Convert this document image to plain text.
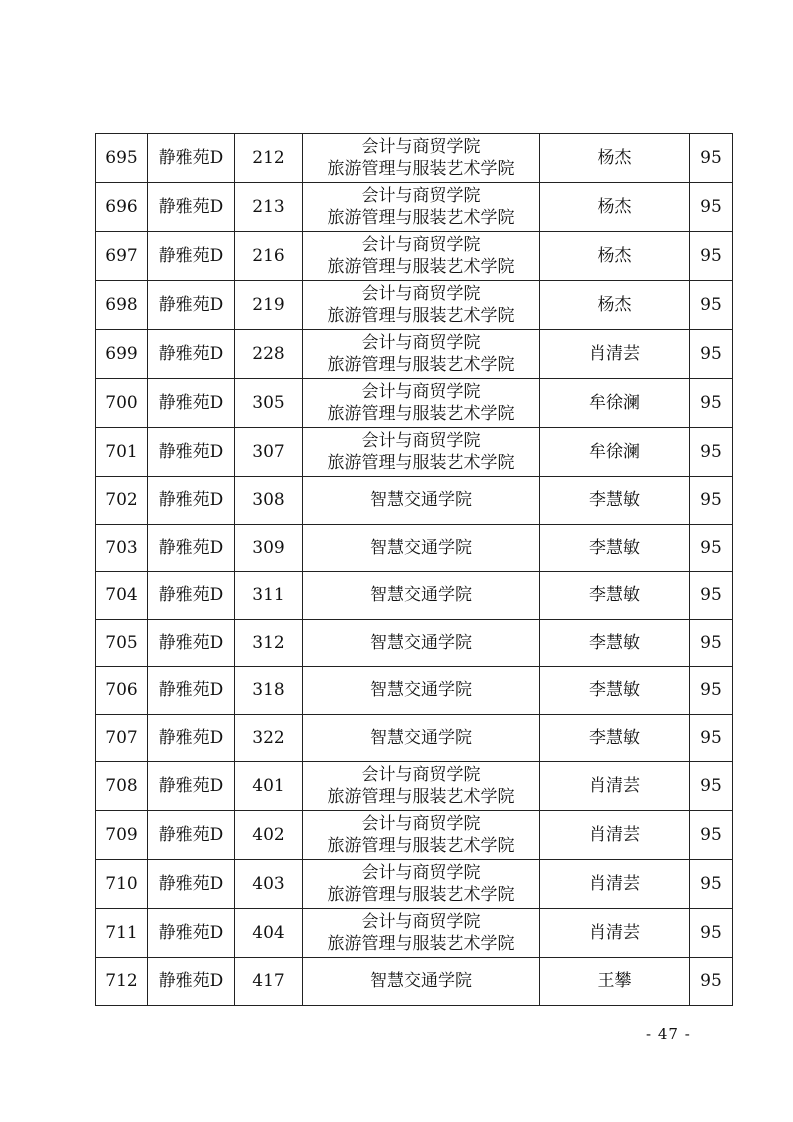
695	静雅苑D	212	会计与商贸学院
旅游管理与服装艺术学院	杨杰	95
696	静雅苑D	213	会计与商贸学院
旅游管理与服装艺术学院	杨杰	95
697	静雅苑D	216	会计与商贸学院
旅游管理与服装艺术学院	杨杰	95
698	静雅苑D	219	会计与商贸学院
旅游管理与服装艺术学院	杨杰	95
699	静雅苑D	228	会计与商贸学院
旅游管理与服装艺术学院	肖清芸	95
700	静雅苑D	305	会计与商贸学院
旅游管理与服装艺术学院	牟徐澜	95
701	静雅苑D	307	会计与商贸学院
旅游管理与服装艺术学院	牟徐澜	95
702	静雅苑D	308	智慧交通学院	李慧敏	95
703	静雅苑D	309	智慧交通学院	李慧敏	95
704	静雅苑D	311	智慧交通学院	李慧敏	95
705	静雅苑D	312	智慧交通学院	李慧敏	95
706	静雅苑D	318	智慧交通学院	李慧敏	95
707	静雅苑D	322	智慧交通学院	李慧敏	95
708	静雅苑D	401	会计与商贸学院
旅游管理与服装艺术学院	肖清芸	95
709	静雅苑D	402	会计与商贸学院
旅游管理与服装艺术学院	肖清芸	95
710	静雅苑D	403	会计与商贸学院
旅游管理与服装艺术学院	肖清芸	95
711	静雅苑D	404	会计与商贸学院
旅游管理与服装艺术学院	肖清芸	95
712	静雅苑D	417	智慧交通学院	王攀	95
- 47 -
